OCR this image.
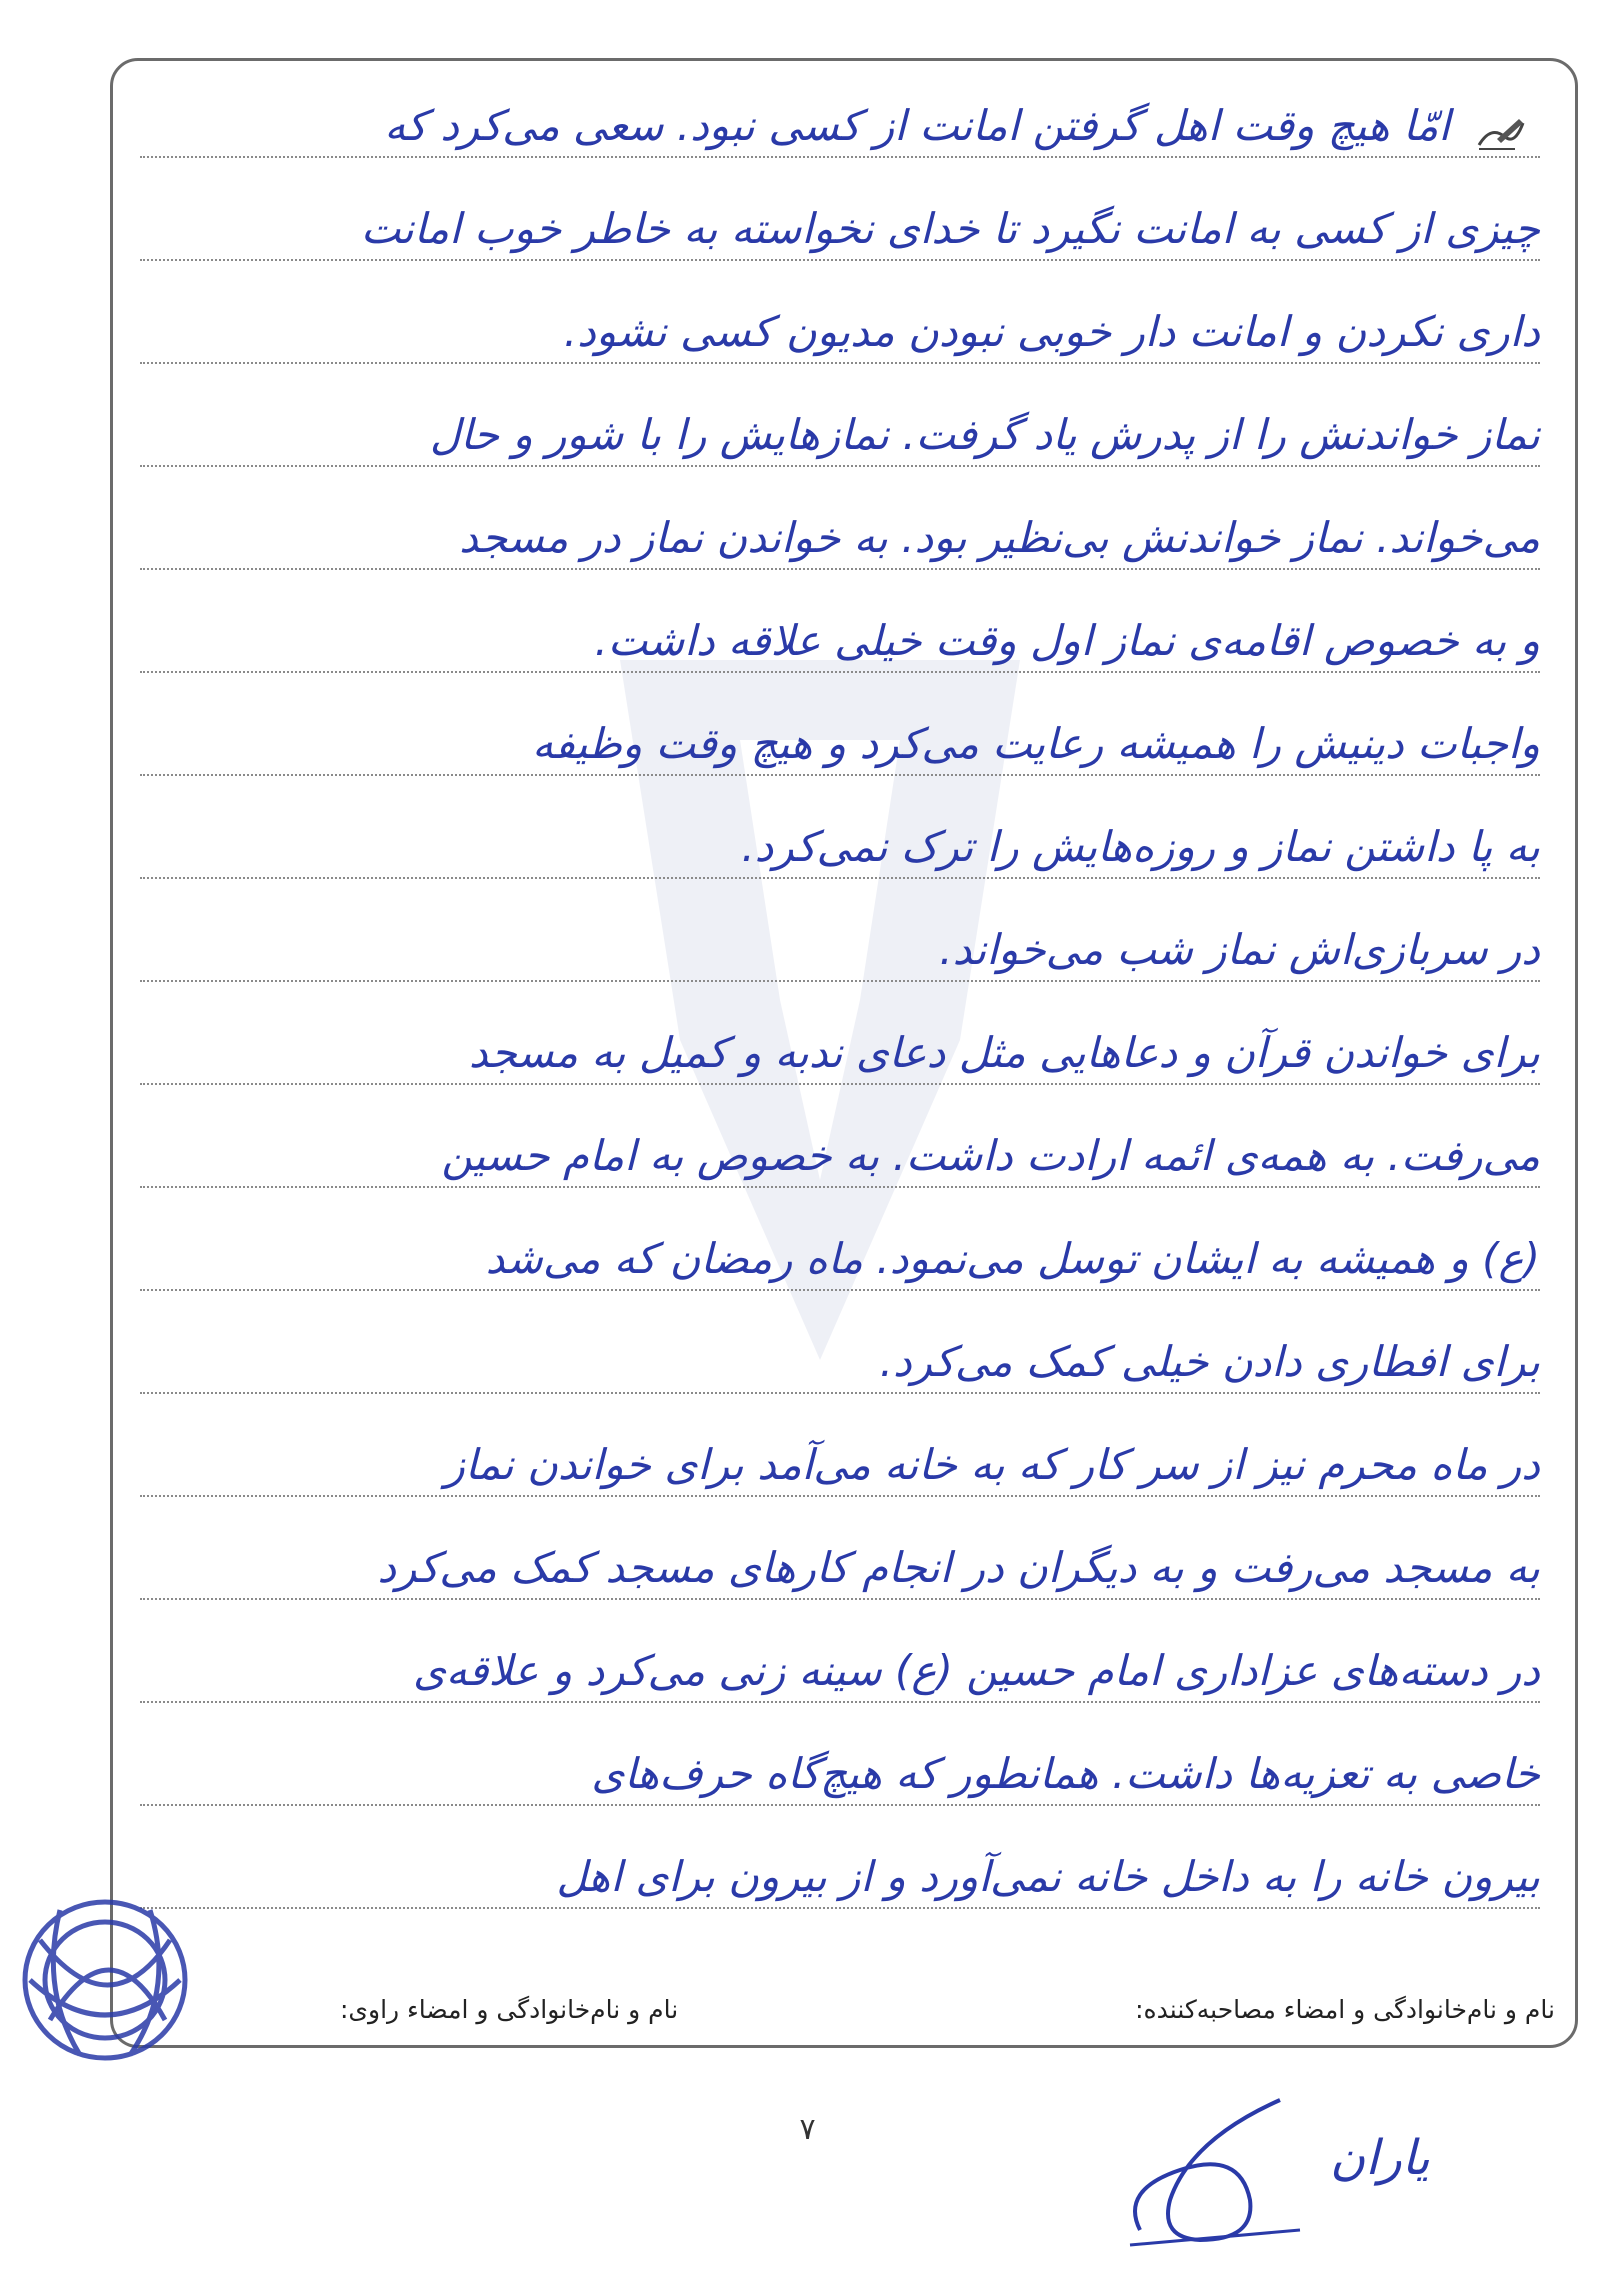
امّا هیچ وقت اهل گرفتن امانت از کسی نبود. سعی می‌کرد که
چیزی از کسی به امانت نگیرد تا خدای نخواسته به خاطر خوب امانت
داری نکردن و امانت دار خوبی نبودن مدیون کسی نشود.
نماز خواندنش را از پدرش یاد گرفت. نمازهایش را با شور و حال
می‌خواند. نماز خواندنش بی‌نظیر بود. به خواندن نماز در مسجد
و به خصوص اقامه‌ی نماز اول وقت خیلی علاقه داشت.
واجبات دینیش را همیشه رعایت می‌کرد و هیچ وقت وظیفه
به پا داشتن نماز و روزه‌هایش را ترک نمی‌کرد.
در سربازی‌اش نماز شب می‌خواند.
برای خواندن قرآن و دعاهایی مثل دعای ندبه و کمیل به مسجد
می‌رفت. به همه‌ی ائمه ارادت داشت. به خصوص به امام حسین
(ع) و همیشه به ایشان توسل می‌نمود. ماه رمضان که می‌شد
برای افطاری دادن خیلی کمک می‌کرد.
در ماه محرم نیز از سر کار که به خانه می‌آمد برای خواندن نماز
به مسجد می‌رفت و به دیگران در انجام کارهای مسجد کمک می‌کرد
در دسته‌های عزاداری امام حسین (ع) سینه زنی می‌کرد و علاقه‌ی
خاصی به تعزیه‌ها داشت. همانطور که هیچ‌گاه حرف‌های
بیرون خانه را به داخل خانه نمی‌آورد و از بیرون برای اهل
نام و نام‌خانوادگی و امضاء مصاحبه‌کننده:
نام و نام‌خانوادگی و امضاء راوی:
۷
یاران
